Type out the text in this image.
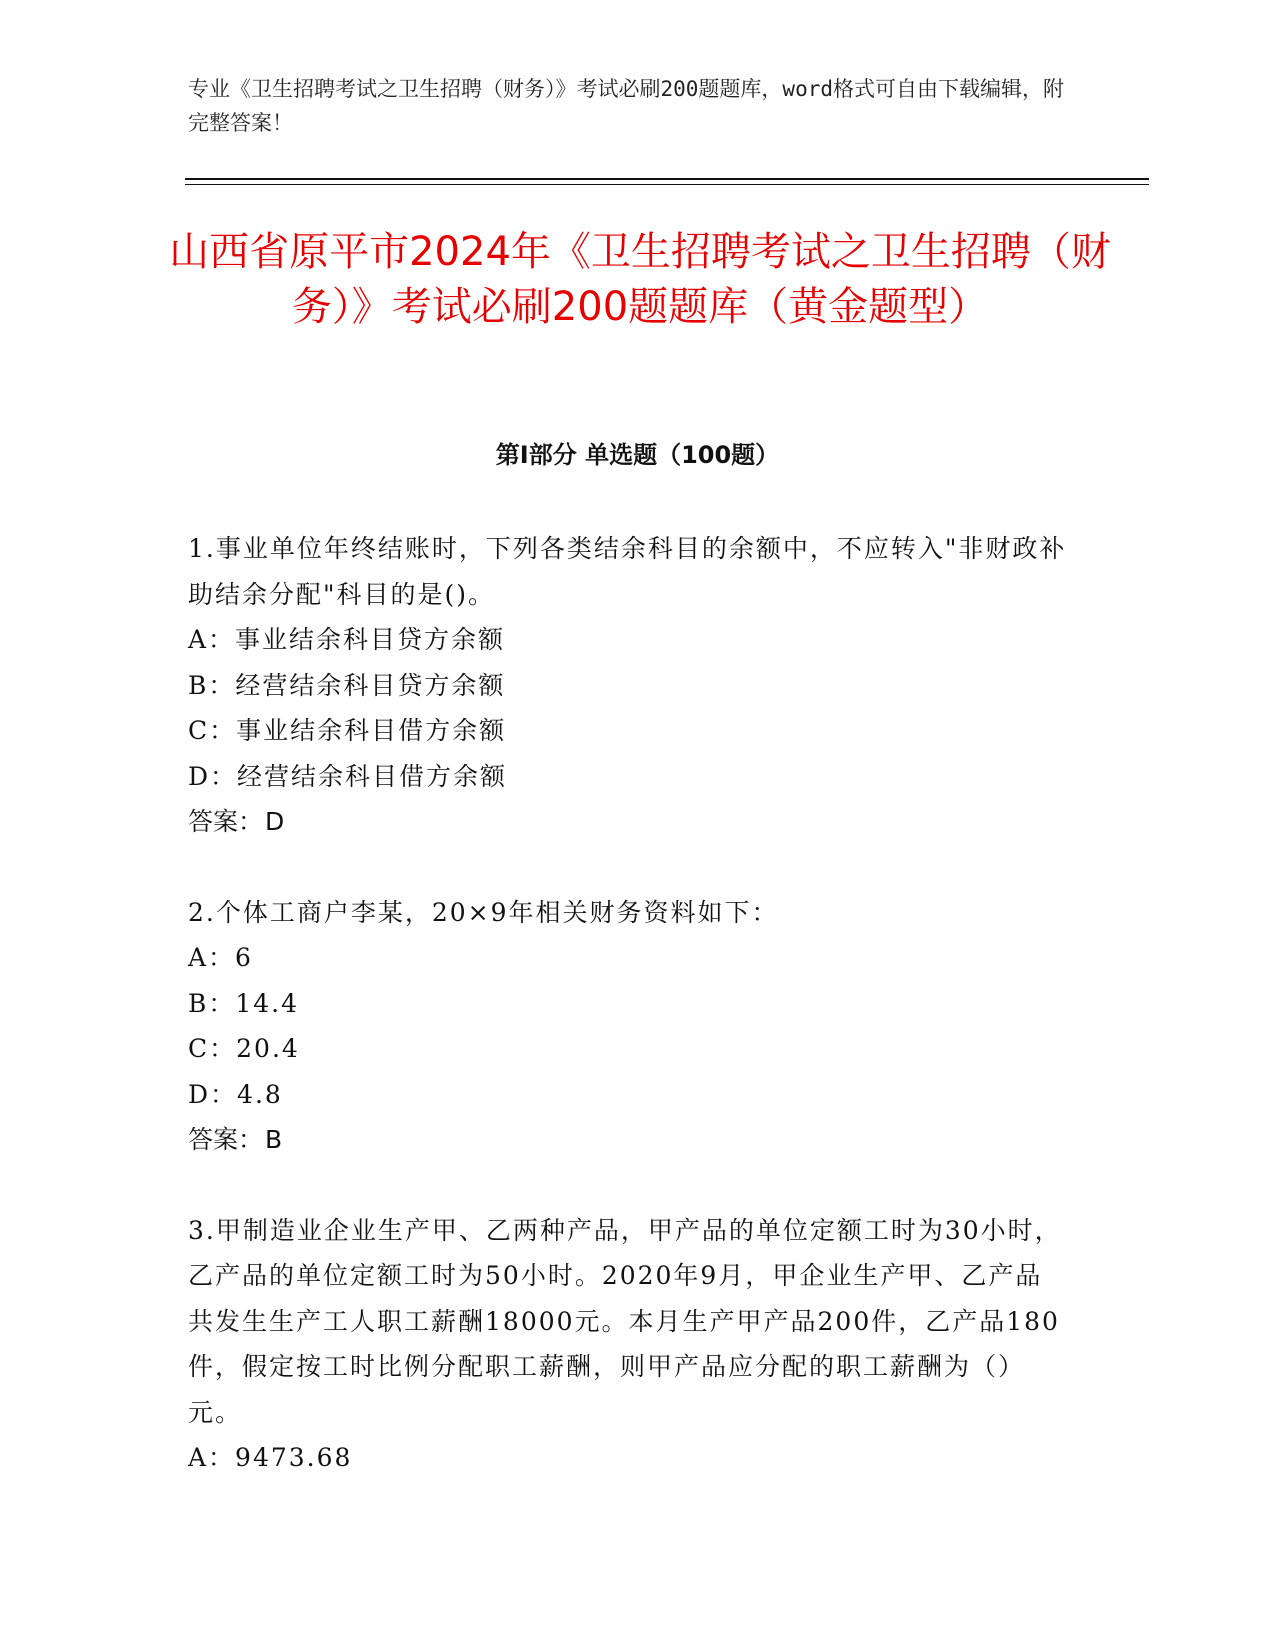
专业《卫生招聘考试之卫生招聘（财务）》考试必刷200题题库，word格式可自由下载编辑，附完整答案！
山西省原平市2024年《卫生招聘考试之卫生招聘（财务）》考试必刷200题题库（黄金题型）
第I部分 单选题（100题）
1.事业单位年终结账时，下列各类结余科目的余额中，不应转入"非财政补助结余分配"科目的是()。
A：事业结余科目贷方余额
B：经营结余科目贷方余额
C：事业结余科目借方余额
D：经营结余科目借方余额
答案：D
2.个体工商户李某，20×9年相关财务资料如下：
A：6
B：14.4
C：20.4
D：4.8
答案：B
3.甲制造业企业生产甲、乙两种产品，甲产品的单位定额工时为30小时，乙产品的单位定额工时为50小时。2020年9月，甲企业生产甲、乙产品共发生生产工人职工薪酬18000元。本月生产甲产品200件，乙产品180件，假定按工时比例分配职工薪酬，则甲产品应分配的职工薪酬为（）元。
A：9473.68
